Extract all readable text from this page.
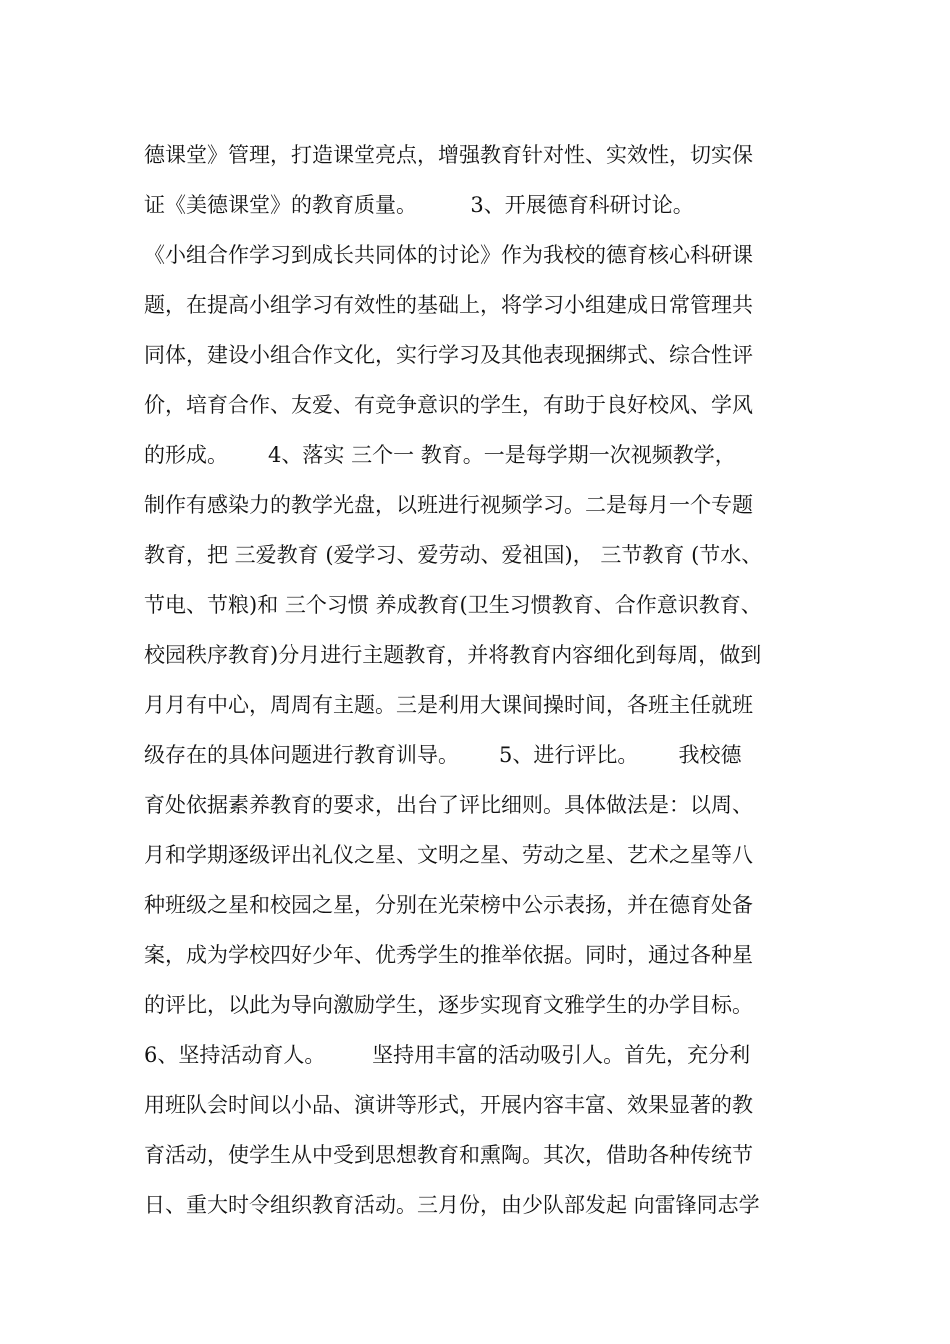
德课堂》管理，打造课堂亮点，增强教育针对性、实效性，切实保
证《美德课堂》的教育质量。        3、开展德育科研讨论。
《小组合作学习到成长共同体的讨论》作为我校的德育核心科研课
题，在提高小组学习有效性的基础上，将学习小组建成日常管理共
同体，建设小组合作文化，实行学习及其他表现捆绑式、综合性评
价，培育合作、友爱、有竞争意识的学生，有助于良好校风、学风
的形成。      4、落实 三个一 教育。一是每学期一次视频教学，
制作有感染力的教学光盘，以班进行视频学习。二是每月一个专题
教育，把 三爱教育 (爱学习、爱劳动、爱祖国)， 三节教育 (节水、
节电、节粮)和 三个习惯 养成教育(卫生习惯教育、合作意识教育、
校园秩序教育)分月进行主题教育，并将教育内容细化到每周，做到
月月有中心，周周有主题。三是利用大课间操时间，各班主任就班
级存在的具体问题进行教育训导。      5、进行评比。      我校德
育处依据素养教育的要求，出台了评比细则。具体做法是：以周、
月和学期逐级评出礼仪之星、文明之星、劳动之星、艺术之星等八
种班级之星和校园之星，分别在光荣榜中公示表扬，并在德育处备
案，成为学校四好少年、优秀学生的推举依据。同时，通过各种星
的评比，以此为导向激励学生，逐步实现育文雅学生的办学目标。
6、坚持活动育人。       坚持用丰富的活动吸引人。首先，充分利
用班队会时间以小品、演讲等形式，开展内容丰富、效果显著的教
育活动，使学生从中受到思想教育和熏陶。其次，借助各种传统节
日、重大时令组织教育活动。三月份，由少队部发起 向雷锋同志学
